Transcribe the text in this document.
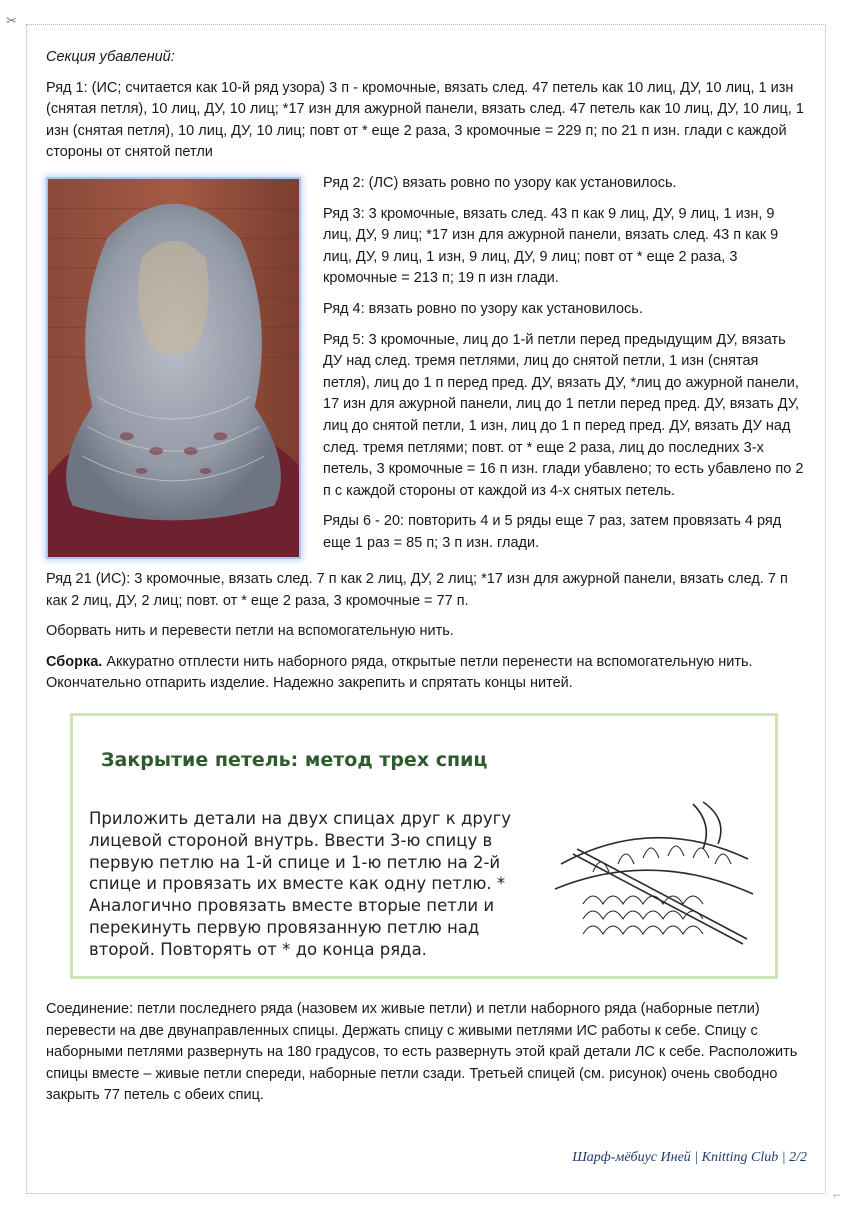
✂
⌐

Секция убавлений:

Ряд 1: (ИС; считается как 10-й ряд узора) 3 п - кромочные, вязать след. 47 петель как 10 лиц, ДУ, 10 лиц, 1 изн (снятая петля), 10 лиц, ДУ, 10 лиц; *17 изн для ажурной панели, вязать след. 47 петель как 10 лиц, ДУ, 10 лиц, 1 изн (снятая петля), 10 лиц, ДУ, 10 лиц; повт от * еще 2 раза, 3 кромочные = 229 п; по 21 п изн. глади с каждой стороны от снятой петли

Ряд 2: (ЛС) вязать ровно по узору как установилось.

Ряд 3: 3 кромочные, вязать след. 43 п как 9 лиц, ДУ, 9 лиц, 1 изн, 9 лиц, ДУ, 9 лиц; *17 изн для ажурной панели, вязать след. 43 п как 9 лиц, ДУ, 9 лиц, 1 изн, 9 лиц, ДУ, 9 лиц; повт от * еще 2 раза, 3 кромочные = 213 п; 19 п изн глади.

Ряд 4: вязать ровно по узору как установилось.

Ряд 5: 3 кромочные, лиц до 1-й петли перед предыдущим ДУ, вязать ДУ над след. тремя петлями, лиц до снятой петли, 1 изн (снятая петля), лиц до 1 п перед пред. ДУ, вязать ДУ, *лиц до ажурной панели, 17 изн для ажурной панели, лиц до 1 петли перед пред. ДУ, вязать ДУ, лиц до снятой петли, 1 изн, лиц до 1 п перед пред. ДУ, вязать ДУ над след. тремя петлями; повт. от * еще 2 раза, лиц до последних 3-х петель, 3 кромочные = 16 п изн. глади убавлено; то есть убавлено по 2 п с каждой стороны от каждой из 4-х снятых петель.

Ряды 6 - 20: повторить 4 и 5 ряды еще 7 раз, затем провязать 4 ряд еще 1 раз = 85 п; 3 п изн. глади.

Ряд 21 (ИС): 3 кромочные, вязать след. 7 п как 2 лиц, ДУ, 2 лиц; *17 изн для ажурной панели, вязать след. 7 п как 2 лиц, ДУ, 2 лиц; повт. от * еще 2 раза, 3 кромочные = 77 п.

Оборвать нить и перевести петли на вспомогательную нить.

Сборка. Аккуратно отплести нить наборного ряда, открытые петли перенести на вспомогательную нить. Окончательно отпарить изделие. Надежно закрепить и спрятать концы нитей.

Закрытие петель: метод трех спиц
Приложить детали на двух спицах друг к другу лицевой стороной внутрь. Ввести 3-ю спицу в первую петлю на 1-й спице и 1-ю петлю на 2-й спице и провязать их вместе как одну петлю. * Аналогично провязать вместе вторые петли и перекинуть первую провязанную петлю над второй. Повторять от * до конца ряда.

Соединение: петли последнего ряда (назовем их живые петли) и петли наборного ряда (наборные петли) перевести на две двунаправленных спицы. Держать спицу с живыми петлями ИС работы к себе. Спицу с наборными петлями развернуть на 180 градусов, то есть развернуть этой край детали ЛС к себе. Расположить спицы вместе – живые петли спереди, наборные петли сзади. Третьей спицей (см. рисунок) очень свободно закрыть 77 петель с обеих спиц.

Шарф-мёбиус Иней | Knitting Club | 2/2
